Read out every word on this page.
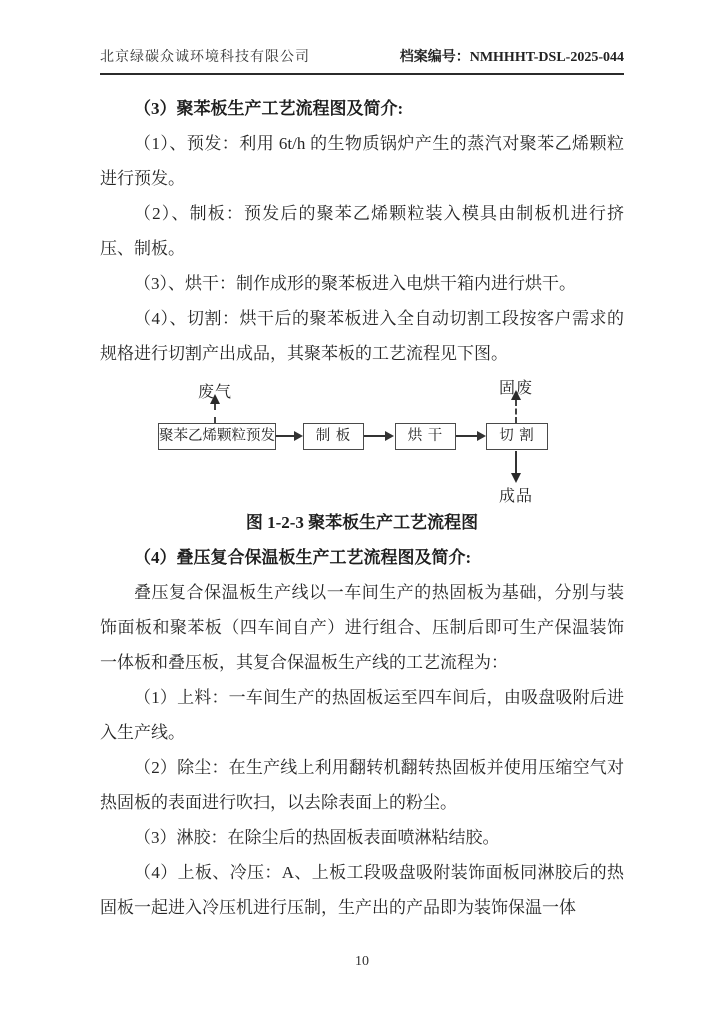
北京绿碳众诚环境科技有限公司	档案编号：NMHHHT-DSL-2025-044
（3）聚苯板生产工艺流程图及简介:
（1）、预发：利用 6t/h 的生物质锅炉产生的蒸汽对聚苯乙烯颗粒进行预发。
（2）、制板：预发后的聚苯乙烯颗粒装入模具由制板机进行挤压、制板。
（3）、烘干：制作成形的聚苯板进入电烘干箱内进行烘干。
（4）、切割：烘干后的聚苯板进入全自动切割工段按客户需求的规格进行切割产出成品，其聚苯板的工艺流程见下图。
废气	固废
聚苯乙烯颗粒预发	制 板	烘 干	切 割
成品
图 1-2-3 聚苯板生产工艺流程图
（4）叠压复合保温板生产工艺流程图及简介:
叠压复合保温板生产线以一车间生产的热固板为基础，分别与装饰面板和聚苯板（四车间自产）进行组合、压制后即可生产保温装饰一体板和叠压板，其复合保温板生产线的工艺流程为：
（1）上料：一车间生产的热固板运至四车间后，由吸盘吸附后进入生产线。
（2）除尘：在生产线上利用翻转机翻转热固板并使用压缩空气对热固板的表面进行吹扫，以去除表面上的粉尘。
（3）淋胶：在除尘后的热固板表面喷淋粘结胶。
（4）上板、冷压：A、上板工段吸盘吸附装饰面板同淋胶后的热固板一起进入冷压机进行压制，生产出的产品即为装饰保温一体
10
